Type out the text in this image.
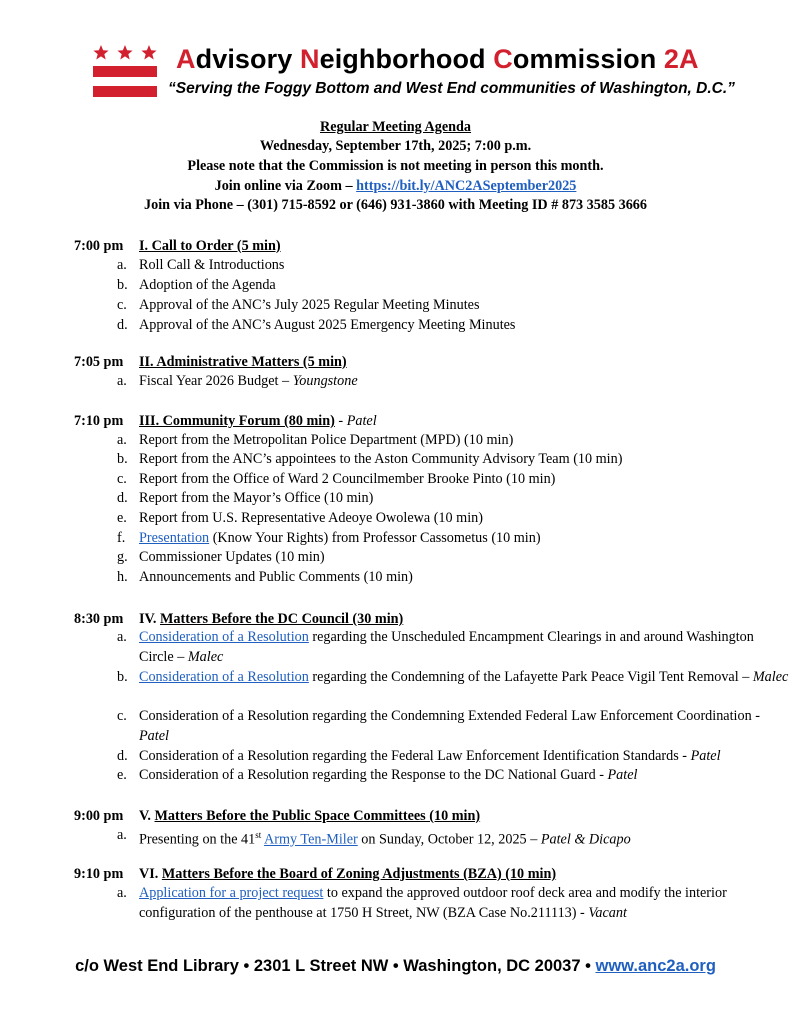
Advisory Neighborhood Commission 2A
“Serving the Foggy Bottom and West End communities of Washington, D.C.”
Regular Meeting Agenda
Wednesday, September 17th, 2025; 7:00 p.m.
Please note that the Commission is not meeting in person this month.
Join online via Zoom – https://bit.ly/ANC2ASeptember2025
Join via Phone – (301) 715-8592 or (646) 931-3860 with Meeting ID # 873 3585 3666
7:00 pm I. Call to Order (5 min)
a. Roll Call & Introductions
b. Adoption of the Agenda
c. Approval of the ANC’s July 2025 Regular Meeting Minutes
d. Approval of the ANC’s August 2025 Emergency Meeting Minutes
7:05 pm II. Administrative Matters (5 min)
a. Fiscal Year 2026 Budget – Youngstone
7:10 pm III. Community Forum (80 min) - Patel
a. Report from the Metropolitan Police Department (MPD) (10 min)
b. Report from the ANC’s appointees to the Aston Community Advisory Team (10 min)
c. Report from the Office of Ward 2 Councilmember Brooke Pinto (10 min)
d. Report from the Mayor’s Office (10 min)
e. Report from U.S. Representative Adeoye Owolewa (10 min)
f. Presentation (Know Your Rights) from Professor Cassometus (10 min)
g. Commissioner Updates (10 min)
h. Announcements and Public Comments (10 min)
8:30 pm IV. Matters Before the DC Council (30 min)
a. Consideration of a Resolution regarding the Unscheduled Encampment Clearings in and around Washington Circle – Malec
b. Consideration of a Resolution regarding the Condemning of the Lafayette Park Peace Vigil Tent Removal – Malec
c. Consideration of a Resolution regarding the Condemning Extended Federal Law Enforcement Coordination - Patel
d. Consideration of a Resolution regarding the Federal Law Enforcement Identification Standards - Patel
e. Consideration of a Resolution regarding the Response to the DC National Guard - Patel
9:00 pm V. Matters Before the Public Space Committees (10 min)
a. Presenting on the 41st Army Ten-Miler on Sunday, October 12, 2025 – Patel & Dicapo
9:10 pm VI. Matters Before the Board of Zoning Adjustments (BZA) (10 min)
a. Application for a project request to expand the approved outdoor roof deck area and modify the interior configuration of the penthouse at 1750 H Street, NW (BZA Case No.211113) - Vacant
c/o West End Library • 2301 L Street NW • Washington, DC 20037 • www.anc2a.org
